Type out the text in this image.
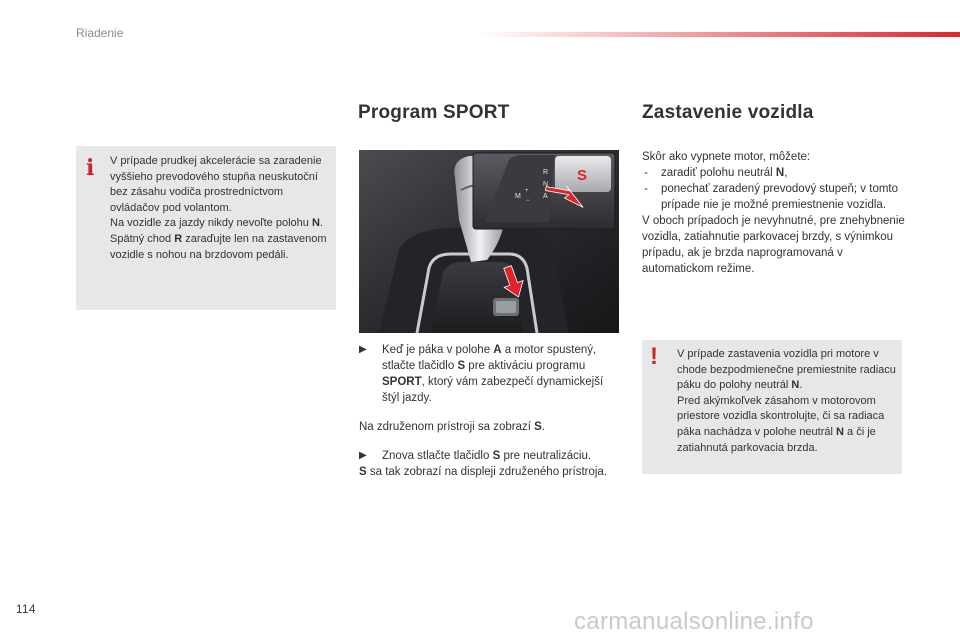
Riadenie
i V prípade prudkej akcelerácie sa zaradenie vyššieho prevodového stupňa neuskutoční bez zásahu vodiča prostredníctvom ovládačov pod volantom.

Na vozidle za jazdy nikdy nevoľte polohu N.

Spätný chod R zaraďujte len na zastavenom vozidle s nohou na brzdovom pedáli.

Program SPORT
S
R
N
A
M
+
−
▶ Keď je páka v polohe A a motor spustený, stlačte tlačidlo S pre aktiváciu programu SPORT, ktorý vám zabezpečí dynamickejší štýl jazdy.

Na združenom prístroji sa zobrazí S.

▶ Znova stlačte tlačidlo S pre neutralizáciu.

S sa tak zobrazí na displeji združeného prístroja.

Zastavenie vozidla

Skôr ako vypnete motor, môžete:

- zaradiť polohu neutrál N,
- ponechať zaradený prevodový stupeň; v tomto prípade nie je možné premiestnenie vozidla.

V oboch prípadoch je nevyhnutné, pre znehybnenie vozidla, zatiahnutie parkovacej brzdy, s výnimkou prípadu, ak je brzda naprogramovaná v automatickom režime.

! V prípade zastavenia vozidla pri motore v chode bezpodmienečne premiestnite radiacu páku do polohy neutrál N.

Pred akýmkoľvek zásahom v motorovom priestore vozidla skontrolujte, či sa radiaca páka nachádza v polohe neutrál N a či je zatiahnutá parkovacia brzda.

114	carmanualsonline.info
